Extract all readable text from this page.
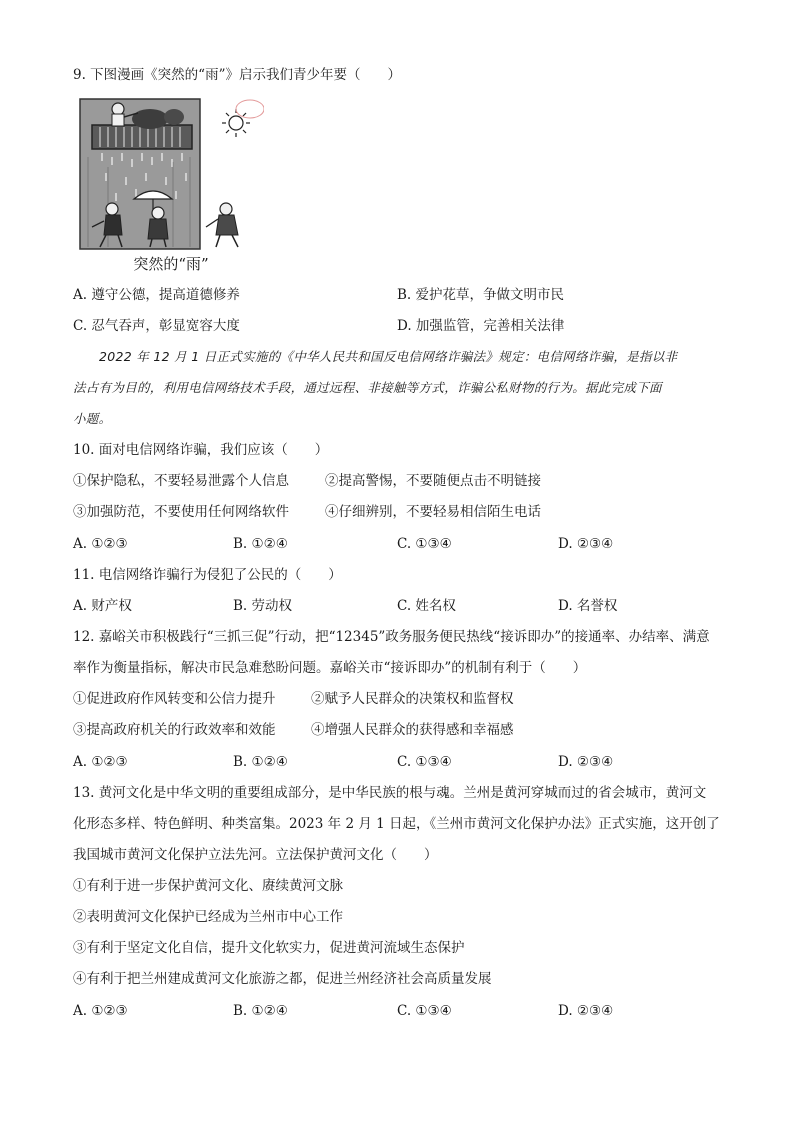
9. 下图漫画《突然的“雨”》启示我们青少年要（　　）
突然的“雨”
A. 遵守公德，提高道德修养	B. 爱护花草，争做文明市民
C. 忍气吞声，彰显宽容大度	D. 加强监管，完善相关法律
2022 年 12 月 1 日正式实施的《中华人民共和国反电信网络诈骗法》规定：电信网络诈骗，是指以非
法占有为目的，利用电信网络技术手段，通过远程、非接触等方式，诈骗公私财物的行为。据此完成下面
小题。
10. 面对电信网络诈骗，我们应该（　　）
①保护隐私，不要轻易泄露个人信息	②提高警惕，不要随便点击不明链接
③加强防范，不要使用任何网络软件	④仔细辨别，不要轻易相信陌生电话
A. ①②③	B. ①②④	C. ①③④	D. ②③④
11. 电信网络诈骗行为侵犯了公民的（　　）
A. 财产权	B. 劳动权	C. 姓名权	D. 名誉权
12. 嘉峪关市积极践行“三抓三促”行动，把“12345”政务服务便民热线“接诉即办”的接通率、办结率、满意
率作为衡量指标，解决市民急难愁盼问题。嘉峪关市“接诉即办”的机制有利于（　　）
①促进政府作风转变和公信力提升	②赋予人民群众的决策权和监督权
③提高政府机关的行政效率和效能	④增强人民群众的获得感和幸福感
A. ①②③	B. ①②④	C. ①③④	D. ②③④
13. 黄河文化是中华文明的重要组成部分，是中华民族的根与魂。兰州是黄河穿城而过的省会城市，黄河文
化形态多样、特色鲜明、种类富集。2023 年 2 月 1 日起，《兰州市黄河文化保护办法》正式实施，这开创了
我国城市黄河文化保护立法先河。立法保护黄河文化（　　）
①有利于进一步保护黄河文化、赓续黄河文脉
②表明黄河文化保护已经成为兰州市中心工作
③有利于坚定文化自信，提升文化软实力，促进黄河流域生态保护
④有利于把兰州建成黄河文化旅游之都，促进兰州经济社会高质量发展
A. ①②③	B. ①②④	C. ①③④	D. ②③④
